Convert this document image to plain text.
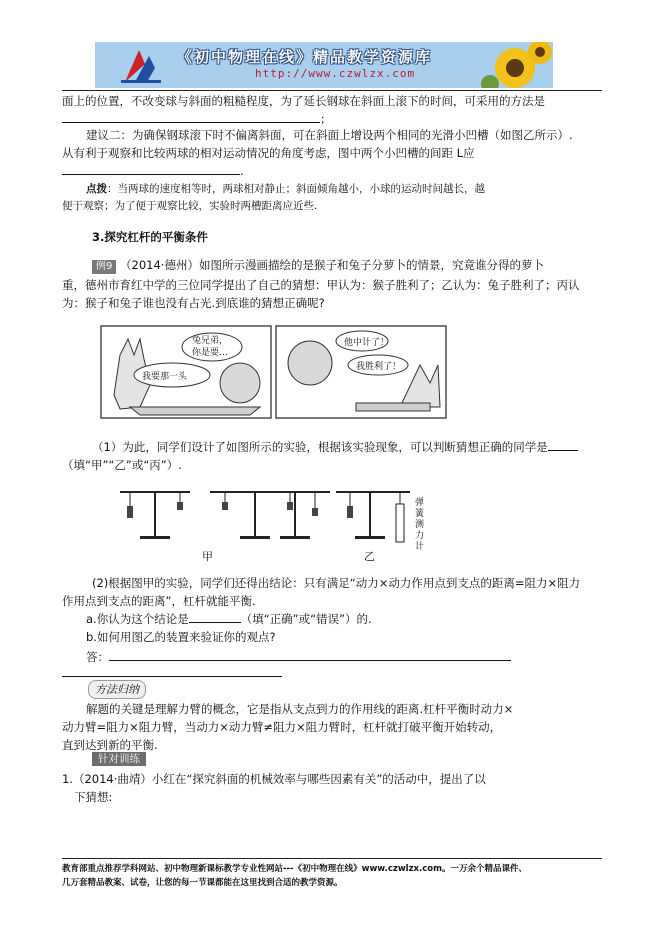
《初中物理在线》精品教学资源库
http://www.czwlzx.com
面上的位置，不改变球与斜面的粗糙程度，为了延长钢球在斜面上滚下的时间，可采用的方法是
；
建议二：为确保钢球滚下时不偏离斜面，可在斜面上增设两个相同的光滑小凹槽（如图乙所示）.
从有利于观察和比较两球的相对运动情况的角度考虑，图中两个小凹槽的间距 L应
.
点拨：当两球的速度相等时，两球相对静止；斜面倾角越小，小球的运动时间越长，越
便于观察；为了便于观察比较，实验时两槽距离应近些.
3.探究杠杆的平衡条件
例9 （2014·德州）如图所示漫画描绘的是猴子和兔子分萝卜的情景，究竟谁分得的萝卜
重，德州市育红中学的三位同学提出了自己的猜想：甲认为：猴子胜利了；乙认为：兔子胜利了；丙认
为：猴子和兔子谁也没有占光.到底谁的猜想正确呢?
兔兄弟，
你是要…
我要那一头
他中计了！
我胜利了！
（1）为此，同学们设计了如图所示的实验，根据该实验现象，可以判断猜想正确的同学是
（填“甲”“乙”或“丙”）.
甲	乙
弹簧测力计
(2)根据图甲的实验，同学们还得出结论：只有满足“动力×动力作用点到支点的距离=阻力×阻力
作用点到支点的距离”，杠杆就能平衡.
a.你认为这个结论是	（填“正确”或“错误”）的.
b.如何用图乙的装置来验证你的观点?
答：
方法归纳
解题的关键是理解力臂的概念，它是指从支点到力的作用线的距离.杠杆平衡时动力×
动力臂=阻力×阻力臂，当动力×动力臂≠阻力×阻力臂时，杠杆就打破平衡开始转动，
直到达到新的平衡.
针对训练
1.（2014·曲靖）小红在“探究斜面的机械效率与哪些因素有关”的活动中，提出了以
下猜想:
教育部重点推荐学科网站、初中物理新课标教学专业性网站---《初中物理在线》www.czwlzx.com。一万余个精品课件、
几万套精品教案、试卷，让您的每一节课都能在这里找到合适的教学资源。
